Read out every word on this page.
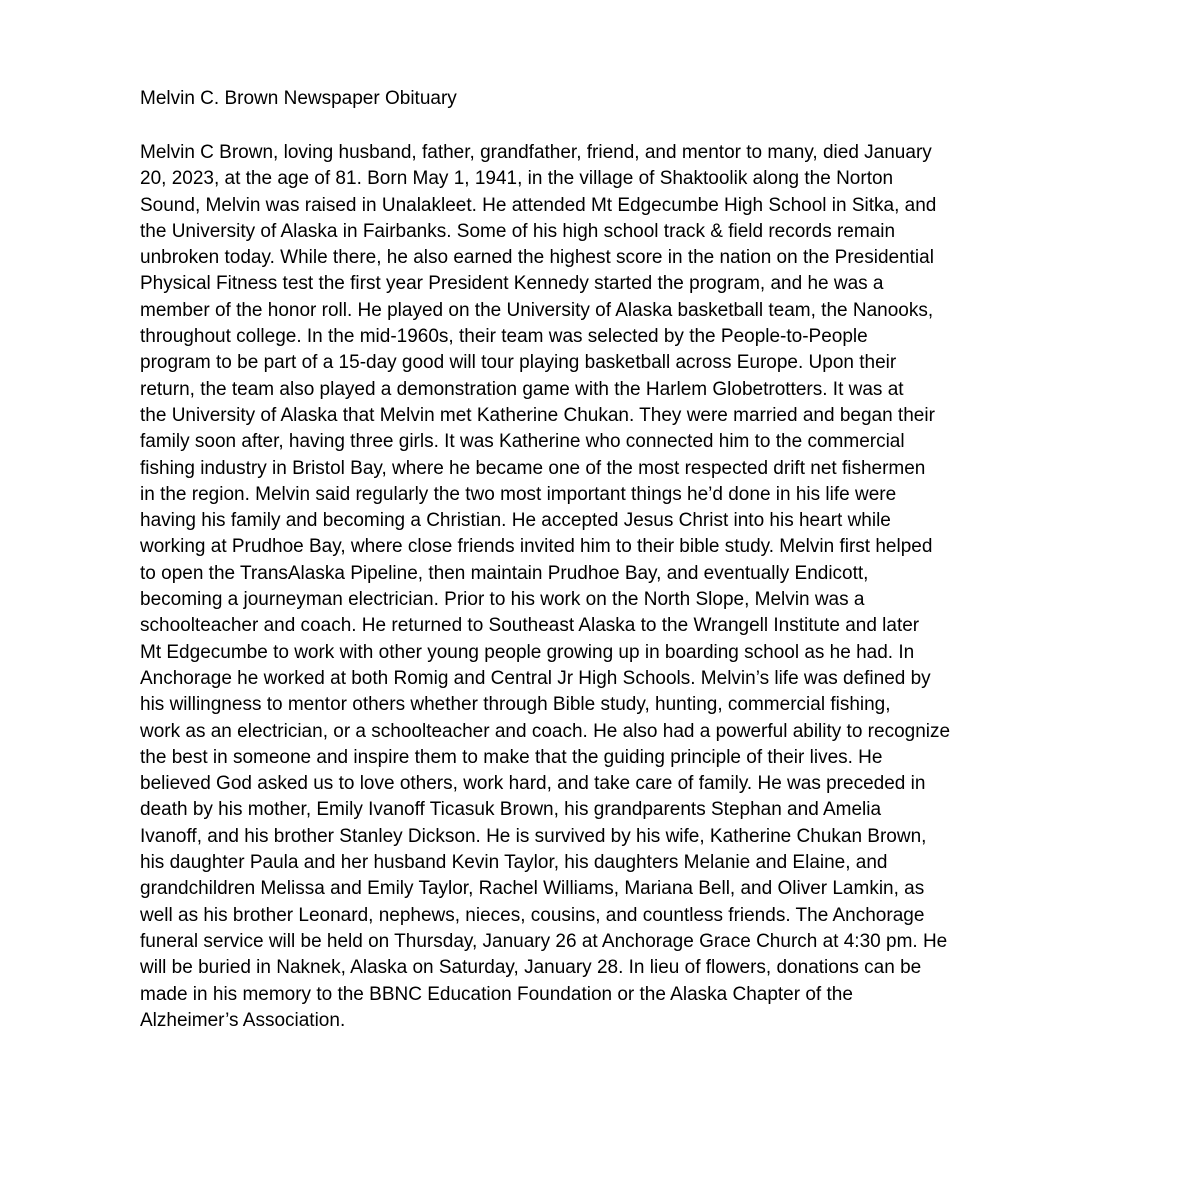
Melvin C. Brown Newspaper Obituary

Melvin C Brown, loving husband, father, grandfather, friend, and mentor to many, died January
20, 2023, at the age of 81. Born May 1, 1941, in the village of Shaktoolik along the Norton
Sound, Melvin was raised in Unalakleet. He attended Mt Edgecumbe High School in Sitka, and
the University of Alaska in Fairbanks. Some of his high school track & field records remain
unbroken today. While there, he also earned the highest score in the nation on the Presidential
Physical Fitness test the first year President Kennedy started the program, and he was a
member of the honor roll. He played on the University of Alaska basketball team, the Nanooks,
throughout college. In the mid-1960s, their team was selected by the People-to-People
program to be part of a 15-day good will tour playing basketball across Europe. Upon their
return, the team also played a demonstration game with the Harlem Globetrotters. It was at
the University of Alaska that Melvin met Katherine Chukan. They were married and began their
family soon after, having three girls. It was Katherine who connected him to the commercial
fishing industry in Bristol Bay, where he became one of the most respected drift net fishermen
in the region. Melvin said regularly the two most important things he’d done in his life were
having his family and becoming a Christian. He accepted Jesus Christ into his heart while
working at Prudhoe Bay, where close friends invited him to their bible study. Melvin first helped
to open the TransAlaska Pipeline, then maintain Prudhoe Bay, and eventually Endicott,
becoming a journeyman electrician. Prior to his work on the North Slope, Melvin was a
schoolteacher and coach. He returned to Southeast Alaska to the Wrangell Institute and later
Mt Edgecumbe to work with other young people growing up in boarding school as he had. In
Anchorage he worked at both Romig and Central Jr High Schools. Melvin’s life was defined by
his willingness to mentor others whether through Bible study, hunting, commercial fishing,
work as an electrician, or a schoolteacher and coach. He also had a powerful ability to recognize
the best in someone and inspire them to make that the guiding principle of their lives. He
believed God asked us to love others, work hard, and take care of family. He was preceded in
death by his mother, Emily Ivanoff Ticasuk Brown, his grandparents Stephan and Amelia
Ivanoff, and his brother Stanley Dickson. He is survived by his wife, Katherine Chukan Brown,
his daughter Paula and her husband Kevin Taylor, his daughters Melanie and Elaine, and
grandchildren Melissa and Emily Taylor, Rachel Williams, Mariana Bell, and Oliver Lamkin, as
well as his brother Leonard, nephews, nieces, cousins, and countless friends. The Anchorage
funeral service will be held on Thursday, January 26 at Anchorage Grace Church at 4:30 pm. He
will be buried in Naknek, Alaska on Saturday, January 28. In lieu of flowers, donations can be
made in his memory to the BBNC Education Foundation or the Alaska Chapter of the
Alzheimer’s Association.
